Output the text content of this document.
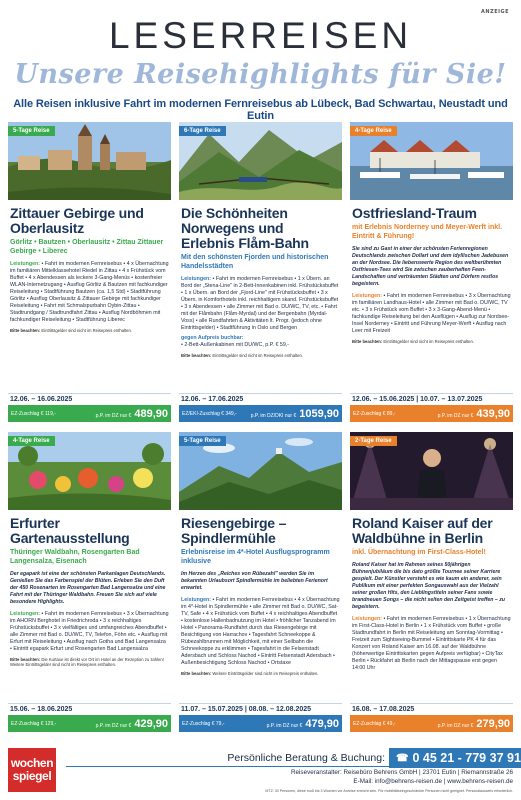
ANZEIGE
LESERREISEN
Unsere Reisehighlights für Sie!
Alle Reisen inklusive Fahrt im modernen Fernreisebus ab Lübeck, Bad Schwartau, Neustadt und Eutin
5-Tage Reise
Zittauer Gebirge und Oberlausitz
Görlitz • Bautzen • Oberlausitz • Zittau Zittauer Gebirge • Liberec
Leistungen: • Fahrt im modernen Fernreisebus • 4 x Übernachtung im familiären Mittelklassehotel Riedel in Zittau • 4 x Frühstück vom Buffet • 4 x Abendessen als leckere 3-Gang-Menüs • kostenfreier WLAN-Internetzugang • Ausflug Görlitz & Bautzen mit fachkundiger Reiseleitung • Stadtführung Bautzen (ca. 1,5 Std) • Stadtführung Görlitz • Ausflug Oberlausitz & Zittauer Gebirge mit fachkundiger Reiseleitung • Fahrt mit Schmalspurbahn Oybin-Zittau • Stadtrundgang / Stadtrundfahrt Zittau • Ausflug Nordböhmen mit fachkundiger Reiseleitung • Stadtführung Liberec
Bitte beachten: Eintrittsgelder sind nicht im Reisepreis enthalten.
12.06. – 16.06.2025
EZ-Zuschlag € 119,-	p.P. im DZ nur € 489,90
6-Tage Reise
Die Schönheiten Norwegens und Erlebnis Flåm-Bahn
Mit den schönsten Fjorden und historischen Handelsstädten
Leistungen: • Fahrt im modernen Fernreisebus • 1 x Übern. an Bord der „Stena-Line" in 2-Bett-Innenkabinen inkl. Frühstücksbuffet • 1 x Übern. an Bord der „Fjord-Line" mit Frühstücksbuffet • 3 x Übern. in Komforthotels inkl. reichhaltigem skand. Frühstücksbuffet • 3 x Abendessen • alle Zimmer mit Bad o. DU/WC, TV, etc. • Fahrt mit der Flåmbahn (Flåm-Myrdal) und der Bergenbahn (Myrdal-Voss) • alle Rundfahrten & Aktivitäten lt. Progr. (jedoch ohne Eintrittsgelder) • Stadtführung in Oslo und Bergen
gegen Aufpreis buchbar:
• 2-Bett-Außenkabinen mit DU/WC, p.P. € 59,-
Bitte beachten: Eintrittsgelder sind nicht im Reisepreis enthalten.
12.06. – 17.06.2025
EZ/EKI-Zuschlag € 349,-	p.P. im DZ/DKI nur € 1059,90
4-Tage Reise
Ostfriesland-Traum
mit Erlebnis Norderney und Meyer-Werft inkl. Eintritt & Führung!
Sie sind zu Gast in einer der schönsten Ferienregionen Deutschlands zwischen Dollart und dem idyllischen Jadebusen an der Nordsee. Die liebenswerte Region des weltberühmten Ostfriesen-Tees wird Sie zwischen zauberhaften Feen-Landschaften und verträumten Städten und Dörfern restlos begeistern.
Leistungen: • Fahrt im modernen Fernreisebus • 3 x Übernachtung im familiären Landhaus-Hotel • alle Zimmer mit Bad o. DU/WC, TV etc. • 3 x Frühstück vom Buffet • 3 x 3-Gang-Abend-Menü • fachkundige Reiseleitung bei den Ausflügen • Ausflug zur Nordsee-Insel Norderney • Eintritt und Führung Meyer-Werft • Ausflug nach Leer mit Freizeit
Bitte beachten: Eintrittsgelder sind nicht im Reisepreis enthalten.
12.06. – 15.06.2025 | 10.07. – 13.07.2025
EZ-Zuschlag € 89,-	p.P. im DZ nur € 439,90
4-Tage Reise
Erfurter Gartenausstellung
Thüringer Waldbahn, Rosengarten Bad Langensalza, Eisenach
Der egapark ist eine der schönsten Parkanlagen Deutschlands. Genießen Sie das Farbenspiel der Blüten. Erleben Sie den Duft der 450 Rosenarten im Rosengarten Bad Langensalza und eine Fahrt mit der Thüringer Waldbahn. Freuen Sie sich auf viele besondere Highlights.
Leistungen: • Fahrt im modernen Fernreisebus • 3 x Übernachtung im AHORN Berghotel in Friedrichroda • 3 x reichhaltiges Frühstücksbuffet • 3 x vielfältiges und umfangreiches Abendbuffet • alle Zimmer mit Bad o. DU/WC, TV, Telefon, Föhn etc. • Ausflug mit Erfurt mit Reiseleitung • Ausflug nach Gotha und Bad Langensalza • Eintritt egapark Erfurt und Rosengarten Bad Langensalza
Bitte beachten: Die Kurtaxe ist direkt vor Ort im Hotel an der Rezeption zu zahlen! Weitere Eintrittsgelder sind nicht im Reisepreis enthalten.
15.06. – 18.06.2025
EZ-Zuschlag € 129,-	p.P. im DZ nur € 429,90
5-Tage Reise
Riesengebirge – Spindlermühle
Erlebnisreise im 4*-Hotel Ausflugsprogramm inklusive
Im Herzen des „Reiches von Rübezahl" werden Sie im bekannten Urlaubsort Spindlermühle im beliebten Ferienort erwartet.
Leistungen: • Fahrt im modernen Fernreisebus • 4 x Übernachtung im 4*-Hotel in Spindlermühle • alle Zimmer mit Bad o. DU/WC, Sat-TV, Safe • 4 x Frühstück vom Buffet • 4 x reichhaltiges Abendbuffet • kostenlose Hallenbadnutzung im Hotel • fröhlicher Tanzabend im Hotel • Panorama-Rundfahrt durch das Riesengebirge mit Besichtigung von Harrachov • Tagesfahrt Schneekoppe & Rübezahlbrunnen mit Möglichkeit, mit einer Seilbahn die Schneekoppe zu erklimmen • Tagesfahrt in die Felsenstadt Adersbach und Schloss Nachod • Eintritt Felsenstadt Adersbach • Außenbesichtigung Schloss Nachod • Ortstaxe
Bitte beachten: Weitere Eintrittsgelder sind nicht im Reisepreis enthalten.
11.07. – 15.07.2025 | 08.08. – 12.08.2025
EZ-Zuschlag € 79,-	p.P. im DZ nur € 479,90
2-Tage Reise
Roland Kaiser auf der Waldbühne in Berlin
inkl. Übernachtung im First-Class-Hotel!
Roland Kaiser hat im Rahmen seines 50jährigen Bühnenjubiläum die bis dato größte Tournee seiner Karriere gespielt. Der Künstler versteht es wie kaum ein anderer, sein Publikum mit einer perfekten Songauswahl aus der Vielzahl seiner großen Hits, den Lieblingstiteln seiner Fans sowie brandneuen Songs – die nicht selten den Zeitgeist treffen – zu begeistern.
Leistungen: • Fahrt im modernen Fernreisebus • 1 x Übernachtung im First-Class-Hotel in Berlin • 1 x Frühstück vom Buffet • große Stadtrundfahrt in Berlin mit Reiseleitung am Sonntag-Vormittag • Freizeit zum Sightseeing-Bummel • Eintrittskarte PK 4 für das Konzert von Roland Kaiser am 16.08. auf der Waldbühne (höherwertige Eintrittskarten gegen Aufpreis verfügbar) • CityTax Berlin • Rückfahrt ab Berlin nach der Mittagspause erst gegen 14:00 Uhr
16.08. – 17.08.2025
EZ-Zuschlag € 49,-	p.P. im DZ nur € 279,90
wochen
spiegel
Persönliche Beratung & Buchung: ☎ 0 45 21 - 779 37 91
Reiseveranstalter: Reisebüro Behrens GmbH | 23701 Eutin | Riemannstraße 26
E-Mail: info@behrens-reisen.de | www.behrens-reisen.de
MTZ: 30 Personen, diese muß bis 3 Wochen vor Anreise erreicht sein. Für mobilitätseingeschränkte Personen nicht geeignet. Personalausweis erforderlich.
